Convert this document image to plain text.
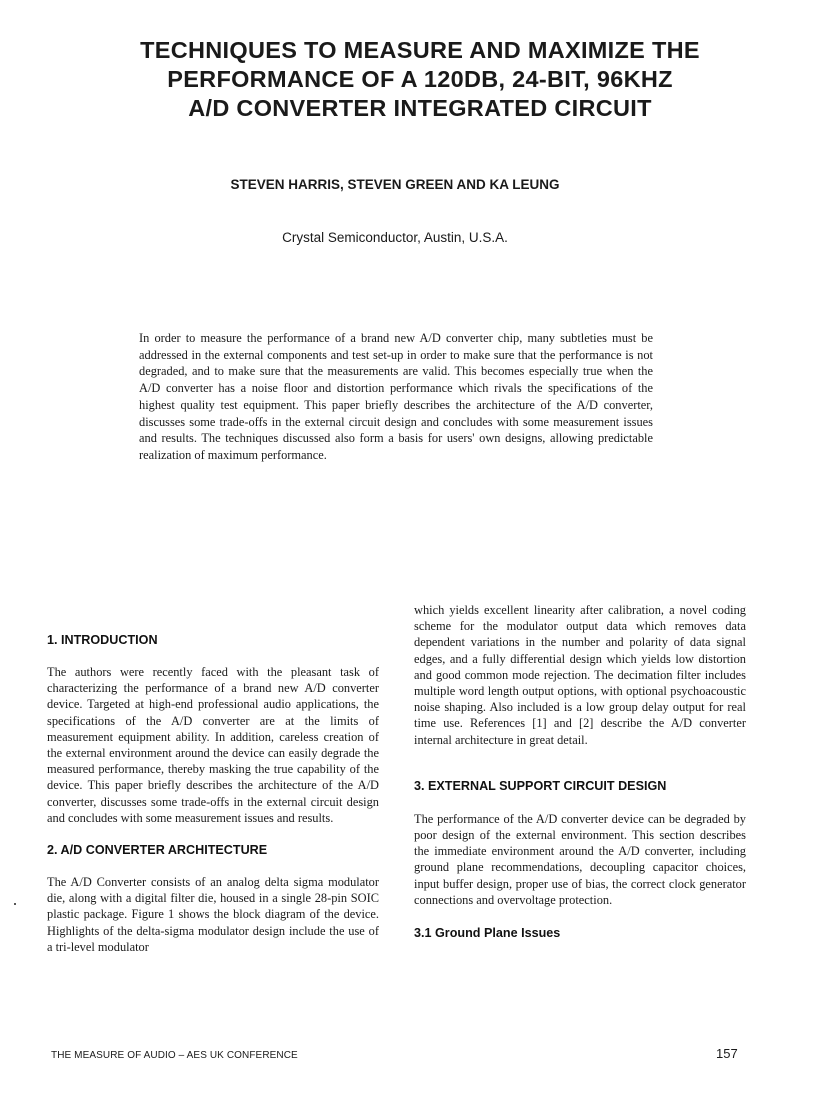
TECHNIQUES TO MEASURE AND MAXIMIZE THE
PERFORMANCE OF A 120DB, 24-BIT, 96KHZ
A/D CONVERTER INTEGRATED CIRCUIT
STEVEN HARRIS, STEVEN GREEN AND KA LEUNG
Crystal Semiconductor, Austin, U.S.A.

In order to measure the performance of a brand new A/D converter chip, many subtleties must be addressed in the external components and test set-up in order to make sure that the performance is not degraded, and to make sure that the measurements are valid. This becomes especially true when the A/D converter has a noise floor and distortion performance which rivals the specifications of the highest quality test equipment. This paper briefly describes the architecture of the A/D converter, discusses some trade-offs in the external circuit design and concludes with some measurement issues and results. The techniques discussed also form a basis for users' own designs, allowing predictable realization of maximum performance.

1. INTRODUCTION

The authors were recently faced with the pleasant task of characterizing the performance of a brand new A/D converter device. Targeted at high-end professional audio applications, the specifications of the A/D converter are at the limits of measurement equipment ability. In addition, careless creation of the external environment around the device can easily degrade the measured performance, thereby masking the true capability of the device. This paper briefly describes the architecture of the A/D converter, discusses some trade-offs in the external circuit design and concludes with some measurement issues and results.

2. A/D CONVERTER ARCHITECTURE

The A/D Converter consists of an analog delta sigma modulator die, along with a digital filter die, housed in a single 28-pin SOIC plastic package. Figure 1 shows the block diagram of the device. Highlights of the delta-sigma modulator design include the use of a tri-level modulator

which yields excellent linearity after calibration, a novel coding scheme for the modulator output data which removes data dependent variations in the number and polarity of data signal edges, and a fully differential design which yields low distortion and good common mode rejection. The decimation filter includes multiple word length output options, with optional psychoacoustic noise shaping. Also included is a low group delay output for real time use. References [1] and [2] describe the A/D converter internal architecture in great detail.

3. EXTERNAL SUPPORT CIRCUIT DESIGN

The performance of the A/D converter device can be degraded by poor design of the external environment. This section describes the immediate environment around the A/D converter, including ground plane recommendations, decoupling capacitor choices, input buffer design, proper use of bias, the correct clock generator connections and overvoltage protection.

3.1 Ground Plane Issues
THE MEASURE OF AUDIO – AES UK CONFERENCE	157
